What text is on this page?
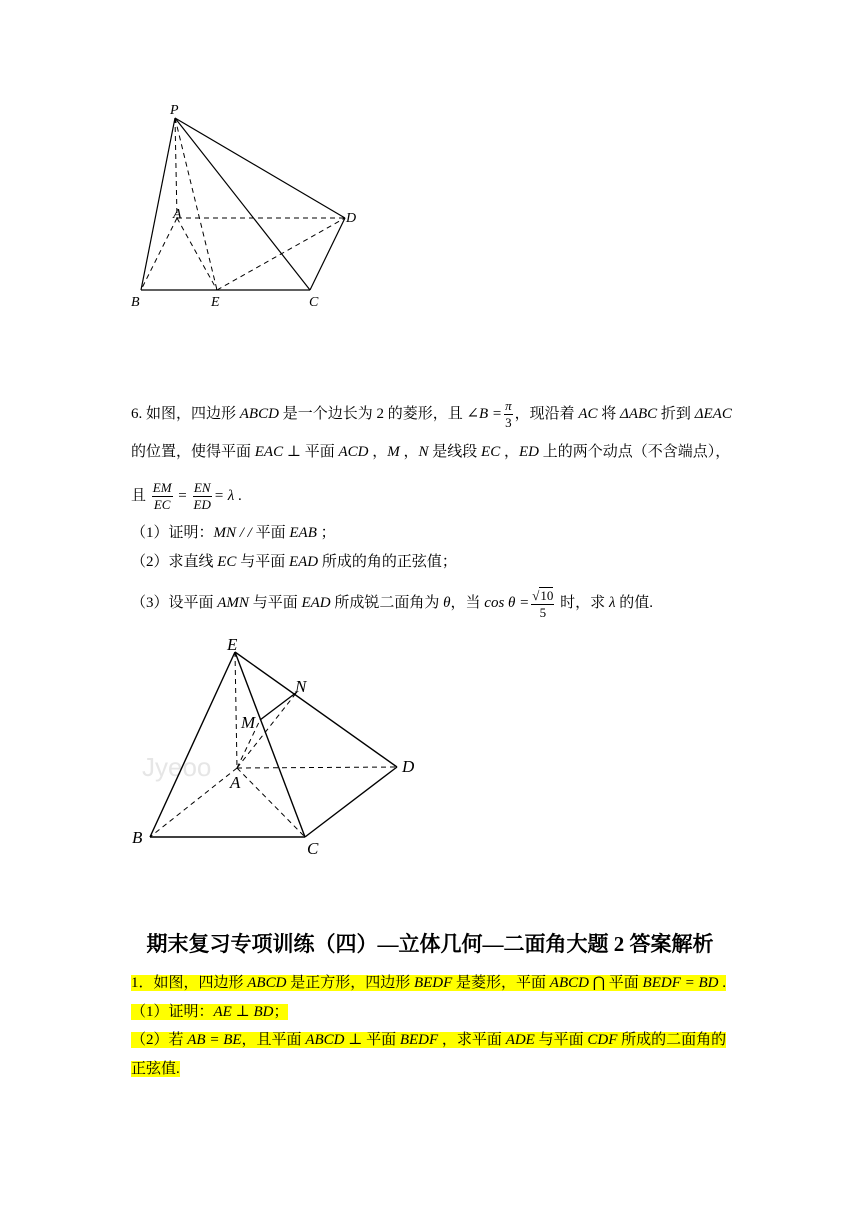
P
A	D
B	E	C
6. 如图，四边形 ABCD 是一个边长为 2 的菱形，且 ∠B = $\frac{\pi}{3}$ ，现沿着 AC 将 ΔABC 折到 ΔEAC
的位置，使得平面 EAC ⊥ 平面 ACD ，M ，N 是线段 EC ，ED 上的两个动点（不含端点），
且 $\frac{EM}{EC} = \frac{EN}{ED} = \lambda$ .
（1）证明：MN / / 平面 EAB ；
（2）求直线 EC 与平面 EAD 所成的角的正弦值；
（3）设平面 AMN 与平面 EAD 所成锐二面角为 θ，当 $\cos \theta = \frac{√10}{5}$ 时，求 λ 的值.
Jyeoo
E
N
M
A
D
B
C
期末复习专项训练（四）—立体几何—二面角大题 2 答案解析
1．如图，四边形 ABCD 是正方形，四边形 BEDF 是菱形，平面 ABCD ⋂ 平面 BEDF = BD .
（1）证明：AE ⊥ BD；
（2）若 AB = BE，且平面 ABCD ⊥ 平面 BEDF ，求平面 ADE 与平面 CDF 所成的二面角的
正弦值.
